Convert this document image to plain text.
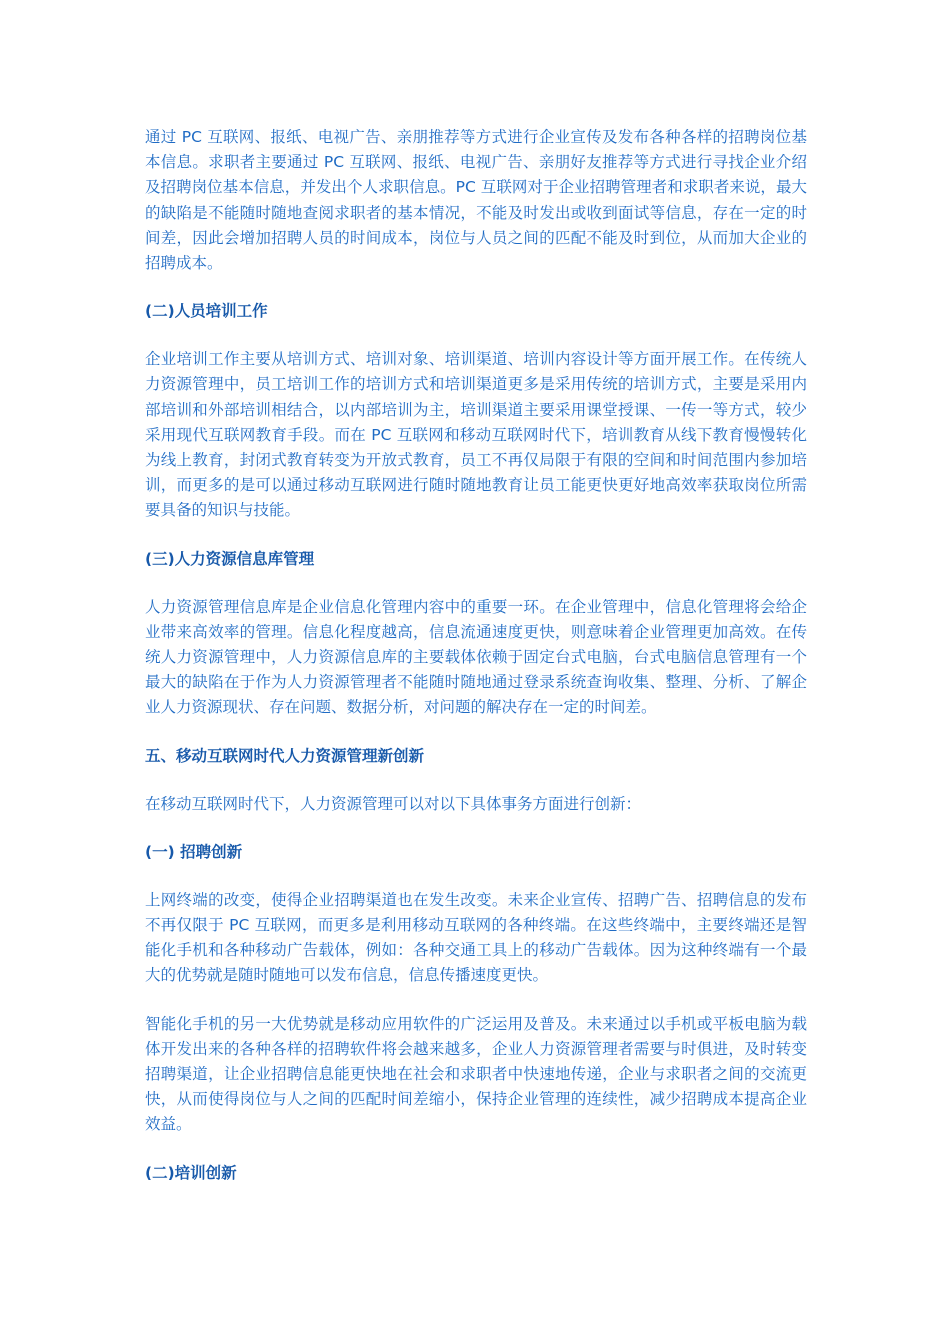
通过 PC 互联网、报纸、电视广告、亲朋推荐等方式进行企业宣传及发布各种各样的招聘岗位基本信息。求职者主要通过 PC 互联网、报纸、电视广告、亲朋好友推荐等方式进行寻找企业介绍及招聘岗位基本信息，并发出个人求职信息。PC 互联网对于企业招聘管理者和求职者来说，最大的缺陷是不能随时随地查阅求职者的基本情况，不能及时发出或收到面试等信息，存在一定的时间差，因此会增加招聘人员的时间成本，岗位与人员之间的匹配不能及时到位，从而加大企业的招聘成本。

(二)人员培训工作

企业培训工作主要从培训方式、培训对象、培训渠道、培训内容设计等方面开展工作。在传统人力资源管理中，员工培训工作的培训方式和培训渠道更多是采用传统的培训方式，主要是采用内部培训和外部培训相结合，以内部培训为主，培训渠道主要采用课堂授课、一传一等方式，较少采用现代互联网教育手段。而在 PC 互联网和移动互联网时代下，培训教育从线下教育慢慢转化为线上教育，封闭式教育转变为开放式教育，员工不再仅局限于有限的空间和时间范围内参加培训，而更多的是可以通过移动互联网进行随时随地教育让员工能更快更好地高效率获取岗位所需要具备的知识与技能。

(三)人力资源信息库管理

人力资源管理信息库是企业信息化管理内容中的重要一环。在企业管理中，信息化管理将会给企业带来高效率的管理。信息化程度越高，信息流通速度更快，则意味着企业管理更加高效。在传统人力资源管理中，人力资源信息库的主要载体依赖于固定台式电脑，台式电脑信息管理有一个最大的缺陷在于作为人力资源管理者不能随时随地通过登录系统查询收集、整理、分析、了解企业人力资源现状、存在问题、数据分析，对问题的解决存在一定的时间差。

五、移动互联网时代人力资源管理新创新

在移动互联网时代下，人力资源管理可以对以下具体事务方面进行创新：

(一) 招聘创新

上网终端的改变，使得企业招聘渠道也在发生改变。未来企业宣传、招聘广告、招聘信息的发布不再仅限于 PC 互联网，而更多是利用移动互联网的各种终端。在这些终端中，主要终端还是智能化手机和各种移动广告载体，例如：各种交通工具上的移动广告载体。因为这种终端有一个最大的优势就是随时随地可以发布信息，信息传播速度更快。

智能化手机的另一大优势就是移动应用软件的广泛运用及普及。未来通过以手机或平板电脑为载体开发出来的各种各样的招聘软件将会越来越多，企业人力资源管理者需要与时俱进，及时转变招聘渠道，让企业招聘信息能更快地在社会和求职者中快速地传递，企业与求职者之间的交流更快，从而使得岗位与人之间的匹配时间差缩小，保持企业管理的连续性，减少招聘成本提高企业效益。

(二)培训创新
